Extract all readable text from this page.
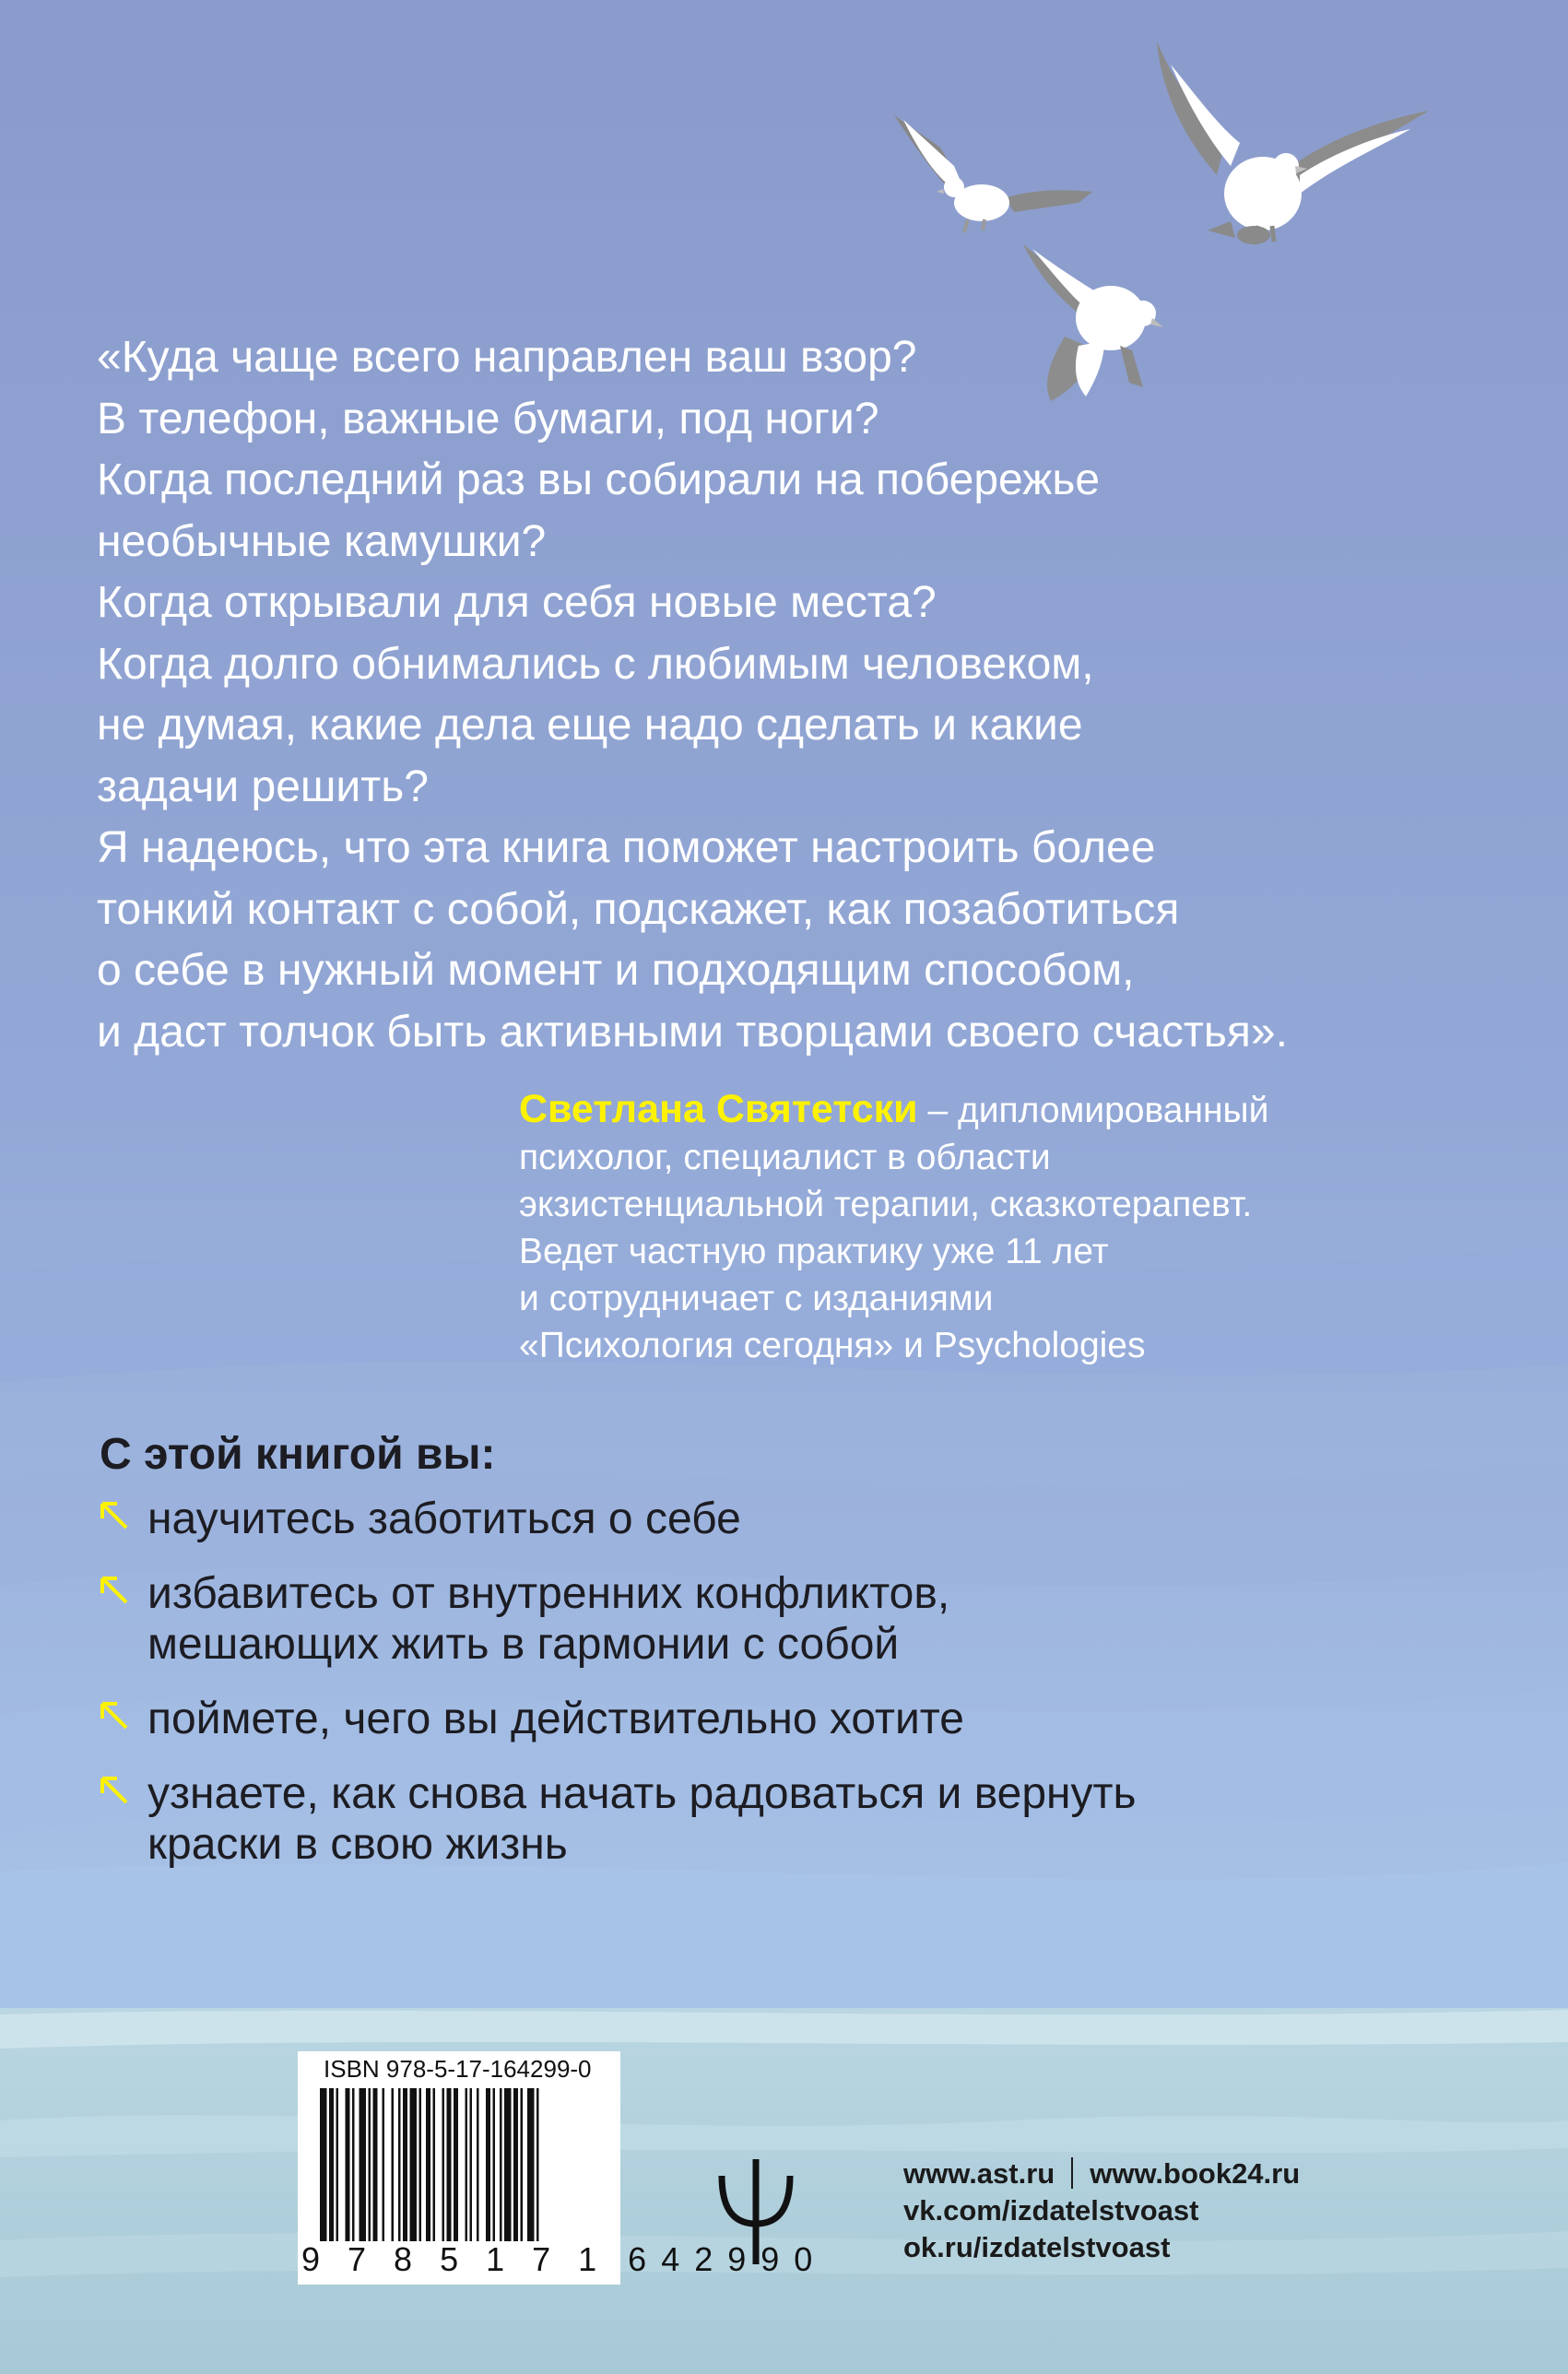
«Куда чаще всего направлен ваш взор?
В телефон, важные бумаги, под ноги?
Когда последний раз вы собирали на побережье
необычные камушки?
Когда открывали для себя новые места?
Когда долго обнимались с любимым человеком,
не думая, какие дела еще надо сделать и какие
задачи решить?
Я надеюсь, что эта книга поможет настроить более
тонкий контакт с собой, подскажет, как позаботиться
о себе в нужный момент и подходящим способом,
и даст толчок быть активными творцами своего счастья».
Светлана Святетски – дипломированный
психолог, специалист в области
экзистенциальной терапии, сказкотерапевт.
Ведет частную практику уже 11 лет
и сотрудничает с изданиями
«Психология сегодня» и Psychologies
С этой книгой вы:
научитесь заботиться о себе
избавитесь от внутренних конфликтов,
мешающих жить в гармонии с собой
поймете, чего вы действительно хотите
узнаете, как снова начать радоваться и вернуть
краски в свою жизнь
ISBN 978-5-17-164299-0
9 785171 642990
www.ast.ru www.book24.ru
vk.com/izdatelstvoast
ok.ru/izdatelstvoast
